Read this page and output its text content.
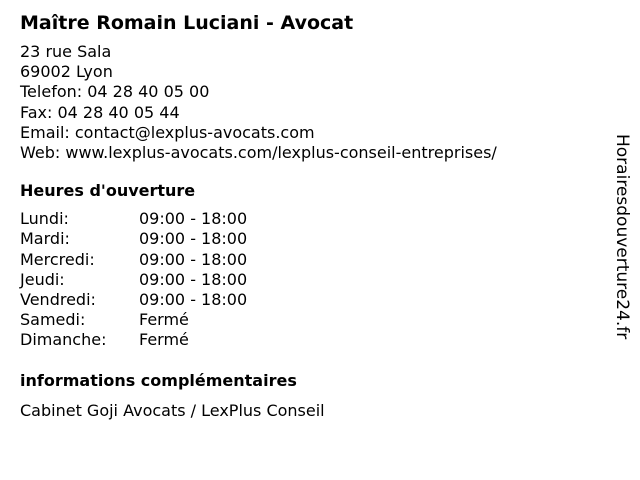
Maître Romain Luciani - Avocat
23 rue Sala
69002 Lyon
Telefon: 04 28 40 05 00
Fax: 04 28 40 05 44
Email: contact@lexplus-avocats.com
Web: www.lexplus-avocats.com/lexplus-conseil-entreprises/
Heures d'ouverture
Lundi:	09:00 - 18:00
Mardi:	09:00 - 18:00
Mercredi:	09:00 - 18:00
Jeudi:	09:00 - 18:00
Vendredi:	09:00 - 18:00
Samedi:	Fermé
Dimanche:	Fermé
informations complémentaires
Cabinet Goji Avocats / LexPlus Conseil
Horairesdouverture24.fr
